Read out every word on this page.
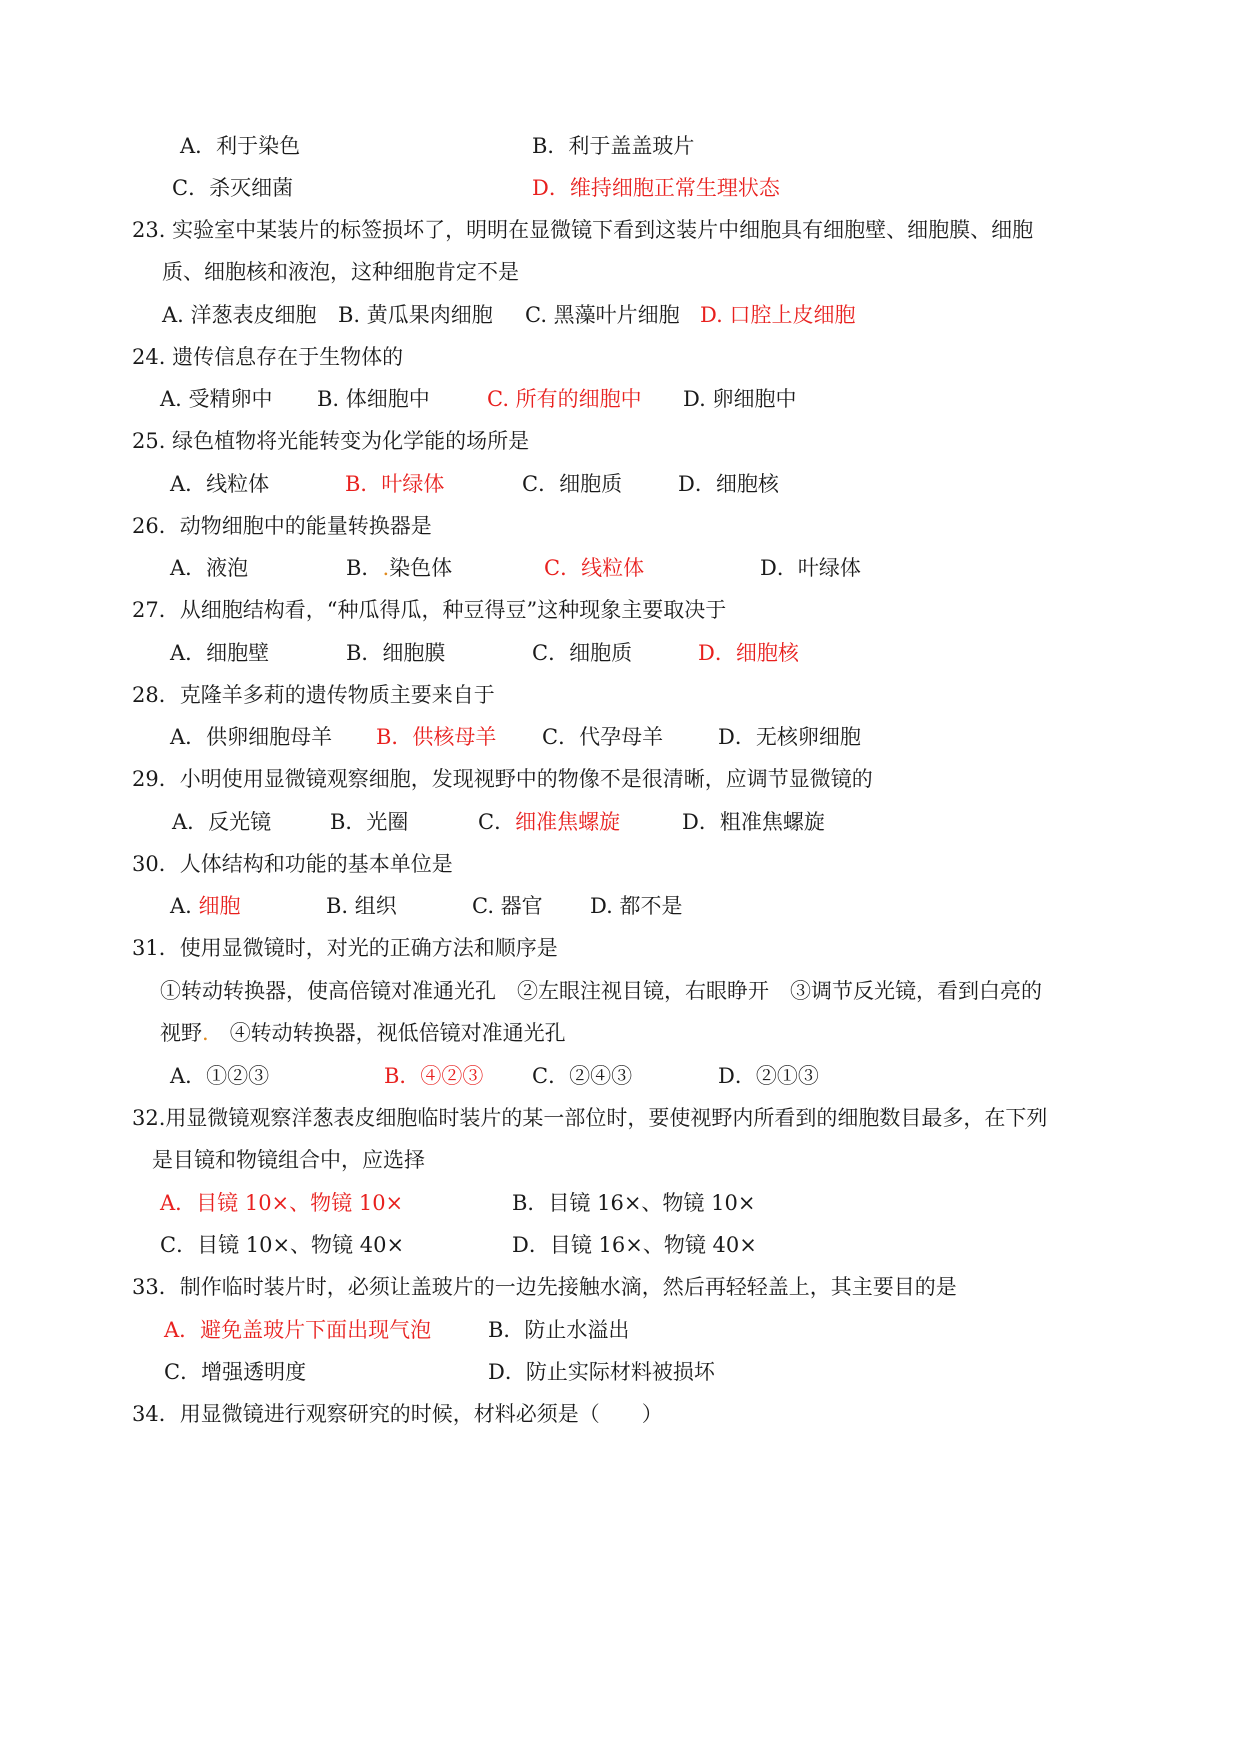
A．利于染色	B．利于盖盖玻片
C．杀灭细菌	D．维持细胞正常生理状态
23. 实验室中某装片的标签损坏了，明明在显微镜下看到这装片中细胞具有细胞壁、细胞膜、细胞
质、细胞核和液泡，这种细胞肯定不是
A. 洋葱表皮细胞 B. 黄瓜果肉细胞 C. 黑藻叶片细胞 D. 口腔上皮细胞
24. 遗传信息存在于生物体的
A. 受精卵中 B. 体细胞中	C. 所有的细胞中 D. 卵细胞中
25. 绿色植物将光能转变为化学能的场所是
A．线粒体	B．叶绿体	C．细胞质	D．细胞核
26．动物细胞中的能量转换器是
A．液泡	B．.染色体	C．线粒体	D．叶绿体
27．从细胞结构看，“种瓜得瓜，种豆得豆”这种现象主要取决于
A．细胞壁	B．细胞膜	C．细胞质	D．细胞核
28．克隆羊多莉的遗传物质主要来自于
A．供卵细胞母羊 B．供核母羊 C．代孕母羊	D．无核卵细胞
29．小明使用显微镜观察细胞，发现视野中的物像不是很清晰，应调节显微镜的
A．反光镜	B．光圈	C．细准焦螺旋	D．粗准焦螺旋
30．人体结构和功能的基本单位是
A. 细胞	B. 组织	C. 器官 D. 都不是
31．使用显微镜时，对光的正确方法和顺序是
①转动转换器，使高倍镜对准通光孔　②左眼注视目镜，右眼睁开　③调节反光镜，看到白亮的
视野.　 ④转动转换器，视低倍镜对准通光孔
A．①②③	B．④②③ C．②④③	D．②①③
32.用显微镜观察洋葱表皮细胞临时装片的某一部位时，要使视野内所看到的细胞数目最多，在下列
是目镜和物镜组合中，应选择
A．目镜 10×、物镜 10×	B．目镜 16×、物镜 10×
C．目镜 10×、物镜 40×	D．目镜 16×、物镜 40×
33．制作临时装片时，必须让盖玻片的一边先接触水滴，然后再轻轻盖上，其主要目的是
A．避免盖玻片下面出现气泡	B．防止水溢出
C．增强透明度	D．防止实际材料被损坏
34．用显微镜进行观察研究的时候，材料必须是（　　）
